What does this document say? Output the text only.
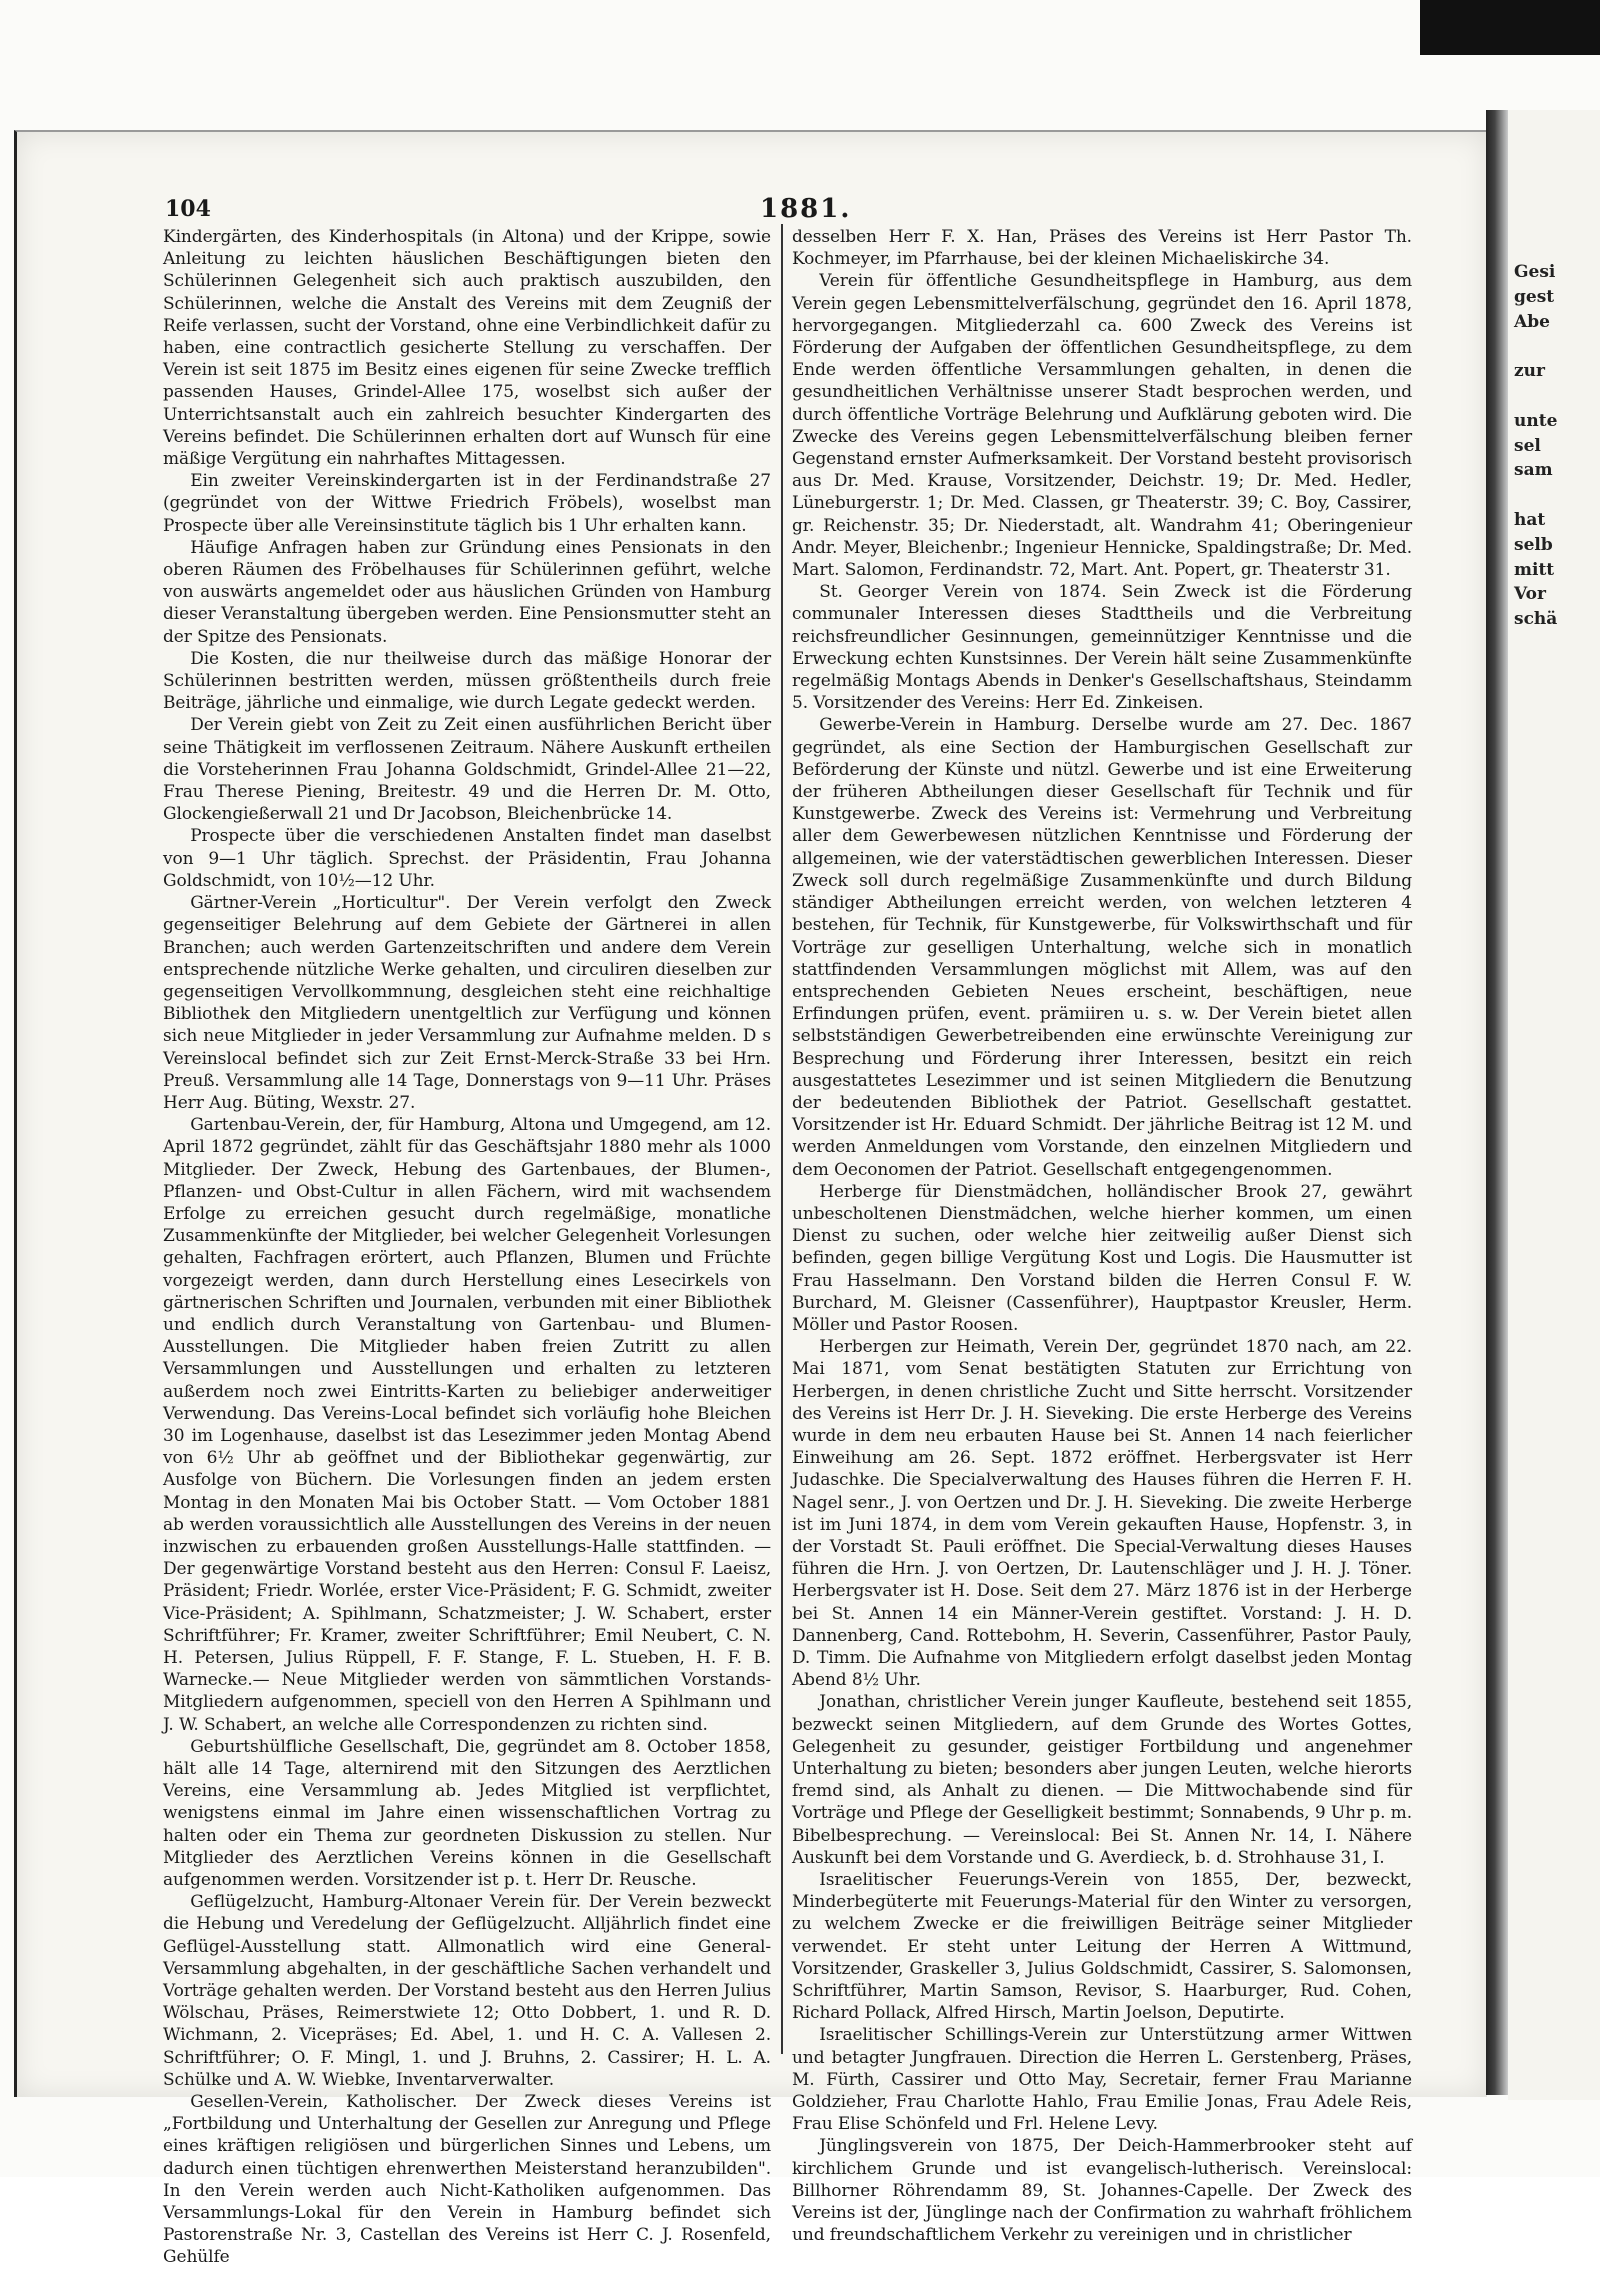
Gesi
gest
Abe

zur

unte
sel
sam

hat
selb
mitt
Vor
schä

104	1881.

Kindergärten, des Kinderhospitals (in Altona) und der Krippe, sowie Anleitung zu leichten häuslichen Beschäftigungen bieten den Schülerinnen Gelegenheit sich auch praktisch auszubilden, den Schülerinnen, welche die Anstalt des Vereins mit dem Zeugniß der Reife verlassen, sucht der Vorstand, ohne eine Verbindlichkeit dafür zu haben, eine contractlich gesicherte Stellung zu verschaffen. Der Verein ist seit 1875 im Besitz eines eigenen für seine Zwecke trefflich passenden Hauses, Grindel-Allee 175, woselbst sich außer der Unterrichtsanstalt auch ein zahlreich besuchter Kindergarten des Vereins befindet. Die Schülerinnen erhalten dort auf Wunsch für eine mäßige Vergütung ein nahrhaftes Mittagessen.

Ein zweiter Vereinskindergarten ist in der Ferdinandstraße 27 (gegründet von der Wittwe Friedrich Fröbels), woselbst man Prospecte über alle Vereinsinstitute täglich bis 1 Uhr erhalten kann.

Häufige Anfragen haben zur Gründung eines Pensionats in den oberen Räumen des Fröbelhauses für Schülerinnen geführt, welche von auswärts angemeldet oder aus häuslichen Gründen von Hamburg dieser Veranstaltung übergeben werden. Eine Pensionsmutter steht an der Spitze des Pensionats.

Die Kosten, die nur theilweise durch das mäßige Honorar der Schülerinnen bestritten werden, müssen größtentheils durch freie Beiträge, jährliche und einmalige, wie durch Legate gedeckt werden.

Der Verein giebt von Zeit zu Zeit einen ausführlichen Bericht über seine Thätigkeit im verflossenen Zeitraum. Nähere Auskunft ertheilen die Vorsteherinnen Frau Johanna Goldschmidt, Grindel-Allee 21—22, Frau Therese Piening, Breitestr. 49 und die Herren Dr. M. Otto, Glockengießerwall 21 und Dr Jacobson, Bleichenbrücke 14.

Prospecte über die verschiedenen Anstalten findet man daselbst von 9—1 Uhr täglich. Sprechst. der Präsidentin, Frau Johanna Goldschmidt, von 10½—12 Uhr.

Gärtner-Verein „Horticultur". Der Verein verfolgt den Zweck gegenseitiger Belehrung auf dem Gebiete der Gärtnerei in allen Branchen; auch werden Gartenzeitschriften und andere dem Verein entsprechende nützliche Werke gehalten, und circuliren dieselben zur gegenseitigen Vervollkommnung, desgleichen steht eine reichhaltige Bibliothek den Mitgliedern unentgeltlich zur Verfügung und können sich neue Mitglieder in jeder Versammlung zur Aufnahme melden. D s Vereinslocal befindet sich zur Zeit Ernst-Merck-Straße 33 bei Hrn. Preuß. Versammlung alle 14 Tage, Donnerstags von 9—11 Uhr. Präses Herr Aug. Büting, Wexstr. 27.

Gartenbau-Verein, der, für Hamburg, Altona und Umgegend, am 12. April 1872 gegründet, zählt für das Geschäftsjahr 1880 mehr als 1000 Mitglieder. Der Zweck, Hebung des Gartenbaues, der Blumen-, Pflanzen- und Obst-Cultur in allen Fächern, wird mit wachsendem Erfolge zu erreichen gesucht durch regelmäßige, monatliche Zusammenkünfte der Mitglieder, bei welcher Gelegenheit Vorlesungen gehalten, Fachfragen erörtert, auch Pflanzen, Blumen und Früchte vorgezeigt werden, dann durch Herstellung eines Lesecirkels von gärtnerischen Schriften und Journalen, verbunden mit einer Bibliothek und endlich durch Veranstaltung von Gartenbau- und Blumen-Ausstellungen. Die Mitglieder haben freien Zutritt zu allen Versammlungen und Ausstellungen und erhalten zu letzteren außerdem noch zwei Eintritts-Karten zu beliebiger anderweitiger Verwendung. Das Vereins-Local befindet sich vorläufig hohe Bleichen 30 im Logenhause, daselbst ist das Lesezimmer jeden Montag Abend von 6½ Uhr ab geöffnet und der Bibliothekar gegenwärtig, zur Ausfolge von Büchern. Die Vorlesungen finden an jedem ersten Montag in den Monaten Mai bis October Statt. — Vom October 1881 ab werden voraussichtlich alle Ausstellungen des Vereins in der neuen inzwischen zu erbauenden großen Ausstellungs-Halle stattfinden. — Der gegenwärtige Vorstand besteht aus den Herren: Consul F. Laeisz, Präsident; Friedr. Worlée, erster Vice-Präsident; F. G. Schmidt, zweiter Vice-Präsident; A. Spihlmann, Schatzmeister; J. W. Schabert, erster Schriftführer; Fr. Kramer, zweiter Schriftführer; Emil Neubert, C. N. H. Petersen, Julius Rüppell, F. F. Stange, F. L. Stueben, H. F. B. Warnecke.— Neue Mitglieder werden von sämmtlichen Vorstands-Mitgliedern aufgenommen, speciell von den Herren A Spihlmann und J. W. Schabert, an welche alle Correspondenzen zu richten sind.

Geburtshülfliche Gesellschaft, Die, gegründet am 8. October 1858, hält alle 14 Tage, alternirend mit den Sitzungen des Aerztlichen Vereins, eine Versammlung ab. Jedes Mitglied ist verpflichtet, wenigstens einmal im Jahre einen wissenschaftlichen Vortrag zu halten oder ein Thema zur geordneten Diskussion zu stellen. Nur Mitglieder des Aerztlichen Vereins können in die Gesellschaft aufgenommen werden. Vorsitzender ist p. t. Herr Dr. Reusche.

Geflügelzucht, Hamburg-Altonaer Verein für. Der Verein bezweckt die Hebung und Veredelung der Geflügelzucht. Alljährlich findet eine Geflügel-Ausstellung statt. Allmonatlich wird eine General-Versammlung abgehalten, in der geschäftliche Sachen verhandelt und Vorträge gehalten werden. Der Vorstand besteht aus den Herren Julius Wölschau, Präses, Reimerstwiete 12; Otto Dobbert, 1. und R. D. Wichmann, 2. Vicepräses; Ed. Abel, 1. und H. C. A. Vallesen 2. Schriftführer; O. F. Mingl, 1. und J. Bruhns, 2. Cassirer; H. L. A. Schülke und A. W. Wiebke, Inventarverwalter.

Gesellen-Verein, Katholischer. Der Zweck dieses Vereins ist „Fortbildung und Unterhaltung der Gesellen zur Anregung und Pflege eines kräftigen religiösen und bürgerlichen Sinnes und Lebens, um dadurch einen tüchtigen ehrenwerthen Meisterstand heranzubilden". In den Verein werden auch Nicht-Katholiken aufgenommen. Das Versammlungs-Lokal für den Verein in Hamburg befindet sich Pastorenstraße Nr. 3, Castellan des Vereins ist Herr C. J. Rosenfeld, Gehülfe

desselben Herr F. X. Han, Präses des Vereins ist Herr Pastor Th. Kochmeyer, im Pfarrhause, bei der kleinen Michaeliskirche 34.

Verein für öffentliche Gesundheitspflege in Hamburg, aus dem Verein gegen Lebensmittelverfälschung, gegründet den 16. April 1878, hervorgegangen. Mitgliederzahl ca. 600 Zweck des Vereins ist Förderung der Aufgaben der öffentlichen Gesundheitspflege, zu dem Ende werden öffentliche Versammlungen gehalten, in denen die gesundheitlichen Verhältnisse unserer Stadt besprochen werden, und durch öffentliche Vorträge Belehrung und Aufklärung geboten wird. Die Zwecke des Vereins gegen Lebensmittelverfälschung bleiben ferner Gegenstand ernster Aufmerksamkeit. Der Vorstand besteht provisorisch aus Dr. Med. Krause, Vorsitzender, Deichstr. 19; Dr. Med. Hedler, Lüneburgerstr. 1; Dr. Med. Classen, gr Theaterstr. 39; C. Boy, Cassirer, gr. Reichenstr. 35; Dr. Niederstadt, alt. Wandrahm 41; Oberingenieur Andr. Meyer, Bleichenbr.; Ingenieur Hennicke, Spaldingstraße; Dr. Med. Mart. Salomon, Ferdinandstr. 72, Mart. Ant. Popert, gr. Theaterstr 31.

St. Georger Verein von 1874. Sein Zweck ist die Förderung communaler Interessen dieses Stadttheils und die Verbreitung reichsfreundlicher Gesinnungen, gemeinnütziger Kenntnisse und die Erweckung echten Kunstsinnes. Der Verein hält seine Zusammenkünfte regelmäßig Montags Abends in Denker's Gesellschaftshaus, Steindamm 5. Vorsitzender des Vereins: Herr Ed. Zinkeisen.

Gewerbe-Verein in Hamburg. Derselbe wurde am 27. Dec. 1867 gegründet, als eine Section der Hamburgischen Gesellschaft zur Beförderung der Künste und nützl. Gewerbe und ist eine Erweiterung der früheren Abtheilungen dieser Gesellschaft für Technik und für Kunstgewerbe. Zweck des Vereins ist: Vermehrung und Verbreitung aller dem Gewerbewesen nützlichen Kenntnisse und Förderung der allgemeinen, wie der vaterstädtischen gewerblichen Interessen. Dieser Zweck soll durch regelmäßige Zusammenkünfte und durch Bildung ständiger Abtheilungen erreicht werden, von welchen letzteren 4 bestehen, für Technik, für Kunstgewerbe, für Volkswirthschaft und für Vorträge zur geselligen Unterhaltung, welche sich in monatlich stattfindenden Versammlungen möglichst mit Allem, was auf den entsprechenden Gebieten Neues erscheint, beschäftigen, neue Erfindungen prüfen, event. prämiiren u. s. w. Der Verein bietet allen selbstständigen Gewerbetreibenden eine erwünschte Vereinigung zur Besprechung und Förderung ihrer Interessen, besitzt ein reich ausgestattetes Lesezimmer und ist seinen Mitgliedern die Benutzung der bedeutenden Bibliothek der Patriot. Gesellschaft gestattet. Vorsitzender ist Hr. Eduard Schmidt. Der jährliche Beitrag ist 12 M. und werden Anmeldungen vom Vorstande, den einzelnen Mitgliedern und dem Oeconomen der Patriot. Gesellschaft entgegengenommen.

Herberge für Dienstmädchen, holländischer Brook 27, gewährt unbescholtenen Dienstmädchen, welche hierher kommen, um einen Dienst zu suchen, oder welche hier zeitweilig außer Dienst sich befinden, gegen billige Vergütung Kost und Logis. Die Hausmutter ist Frau Hasselmann. Den Vorstand bilden die Herren Consul F. W. Burchard, M. Gleisner (Cassenführer), Hauptpastor Kreusler, Herm. Möller und Pastor Roosen.

Herbergen zur Heimath, Verein Der, gegründet 1870 nach, am 22. Mai 1871, vom Senat bestätigten Statuten zur Errichtung von Herbergen, in denen christliche Zucht und Sitte herrscht. Vorsitzender des Vereins ist Herr Dr. J. H. Sieveking. Die erste Herberge des Vereins wurde in dem neu erbauten Hause bei St. Annen 14 nach feierlicher Einweihung am 26. Sept. 1872 eröffnet. Herbergsvater ist Herr Judaschke. Die Specialverwaltung des Hauses führen die Herren F. H. Nagel senr., J. von Oertzen und Dr. J. H. Sieveking. Die zweite Herberge ist im Juni 1874, in dem vom Verein gekauften Hause, Hopfenstr. 3, in der Vorstadt St. Pauli eröffnet. Die Special-Verwaltung dieses Hauses führen die Hrn. J. von Oertzen, Dr. Lautenschläger und J. H. J. Töner. Herbergsvater ist H. Dose. Seit dem 27. März 1876 ist in der Herberge bei St. Annen 14 ein Männer-Verein gestiftet. Vorstand: J. H. D. Dannenberg, Cand. Rottebohm, H. Severin, Cassenführer, Pastor Pauly, D. Timm. Die Aufnahme von Mitgliedern erfolgt daselbst jeden Montag Abend 8½ Uhr.

Jonathan, christlicher Verein junger Kaufleute, bestehend seit 1855, bezweckt seinen Mitgliedern, auf dem Grunde des Wortes Gottes, Gelegenheit zu gesunder, geistiger Fortbildung und angenehmer Unterhaltung zu bieten; besonders aber jungen Leuten, welche hierorts fremd sind, als Anhalt zu dienen. — Die Mittwochabende sind für Vorträge und Pflege der Geselligkeit bestimmt; Sonnabends, 9 Uhr p. m. Bibelbesprechung. — Vereinslocal: Bei St. Annen Nr. 14, I. Nähere Auskunft bei dem Vorstande und G. Averdieck, b. d. Strohhause 31, I.

Israelitischer Feuerungs-Verein von 1855, Der, bezweckt, Minderbegüterte mit Feuerungs-Material für den Winter zu versorgen, zu welchem Zwecke er die freiwilligen Beiträge seiner Mitglieder verwendet. Er steht unter Leitung der Herren A Wittmund, Vorsitzender, Graskeller 3, Julius Goldschmidt, Cassirer, S. Salomonsen, Schriftführer, Martin Samson, Revisor, S. Haarburger, Rud. Cohen, Richard Pollack, Alfred Hirsch, Martin Joelson, Deputirte.

Israelitischer Schillings-Verein zur Unterstützung armer Wittwen und betagter Jungfrauen. Direction die Herren L. Gerstenberg, Präses, M. Fürth, Cassirer und Otto May, Secretair, ferner Frau Marianne Goldzieher, Frau Charlotte Hahlo, Frau Emilie Jonas, Frau Adele Reis, Frau Elise Schönfeld und Frl. Helene Levy.

Jünglingsverein von 1875, Der Deich-Hammerbrooker steht auf kirchlichem Grunde und ist evangelisch-lutherisch. Vereinslocal: Billhorner Röhrendamm 89, St. Johannes-Capelle. Der Zweck des Vereins ist der, Jünglinge nach der Confirmation zu wahrhaft fröhlichem und freundschaftlichem Verkehr zu vereinigen und in christlicher
